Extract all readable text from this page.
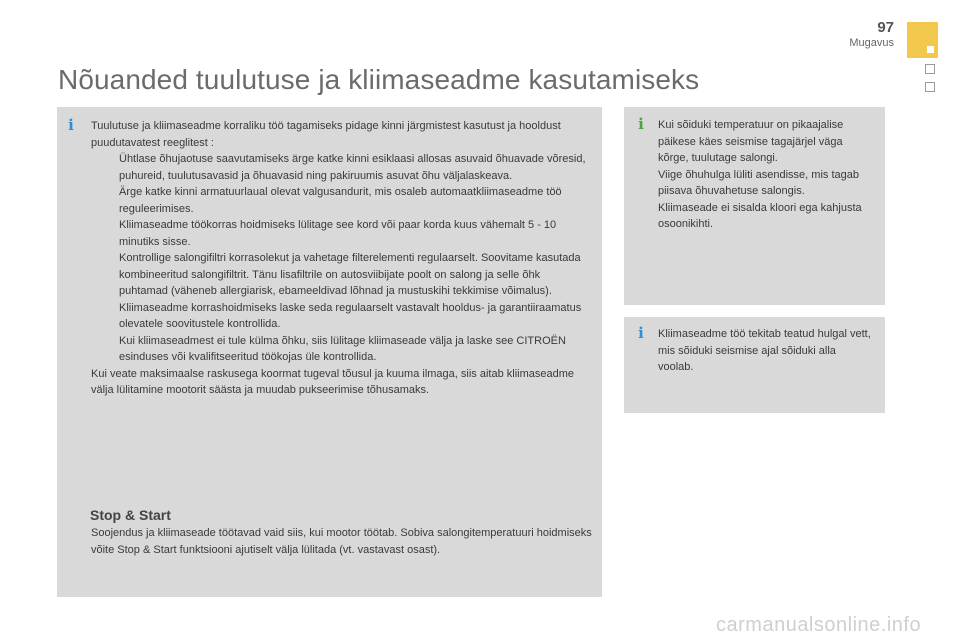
97
Mugavus
Nõuanded tuulutuse ja kliimaseadme kasutamiseks
i	Tuulutuse ja kliimaseadme korraliku töö tagamiseks pidage kinni järgmistest kasutust ja hooldust puudutavatest reeglitest :

Ühtlase õhujaotuse saavutamiseks ärge katke kinni esiklaasi allosas asuvaid õhuavade võresid, puhureid, tuulutusavasid ja õhuavasid ning pakiruumis asuvat õhu väljalaskeava.
Ärge katke kinni armatuurlaual olevat valgusandurit, mis osaleb automaatkliimaseadme töö reguleerimises.
Kliimaseadme töökorras hoidmiseks lülitage see kord või paar korda kuus vähemalt 5 - 10 minutiks sisse.
Kontrollige salongifiltri korrasolekut ja vahetage filterelementi regulaarselt. Soovitame kasutada kombineeritud salongifiltrit. Tänu lisafiltrile on autosviibijate poolt on salong ja selle õhk puhtamad (väheneb allergiarisk, ebameeldivad lõhnad ja mustuskihi tekkimise võimalus).
Kliimaseadme korrashoidmiseks laske seda regulaarselt vastavalt hooldus- ja garantiiraamatus olevatele soovitustele kontrollida.
Kui kliimaseadmest ei tule külma õhku, siis lülitage kliimaseade välja ja laske see CITROËN esinduses või kvalifitseeritud töökojas üle kontrollida.

Kui veate maksimaalse raskusega koormat tugeval tõusul ja kuuma ilmaga, siis aitab kliimaseadme välja lülitamine mootorit säästa ja muudab pukseerimise tõhusamaks.

Stop & Start

Soojendus ja kliimaseade töötavad vaid siis, kui mootor töötab. Sobiva salongitemperatuuri hoidmiseks võite Stop & Start funktsiooni ajutiselt välja lülitada (vt. vastavast osast).

i	Kui sõiduki temperatuur on pikaajalise päikese käes seismise tagajärjel väga kõrge, tuulutage salongi.
Viige õhuhulga lüliti asendisse, mis tagab piisava õhuvahetuse salongis.
Kliimaseade ei sisalda kloori ega kahjusta osoonikihti.

i	Kliimaseadme töö tekitab teatud hulgal vett, mis sõiduki seismise ajal sõiduki alla voolab.

carmanualsonline.info
